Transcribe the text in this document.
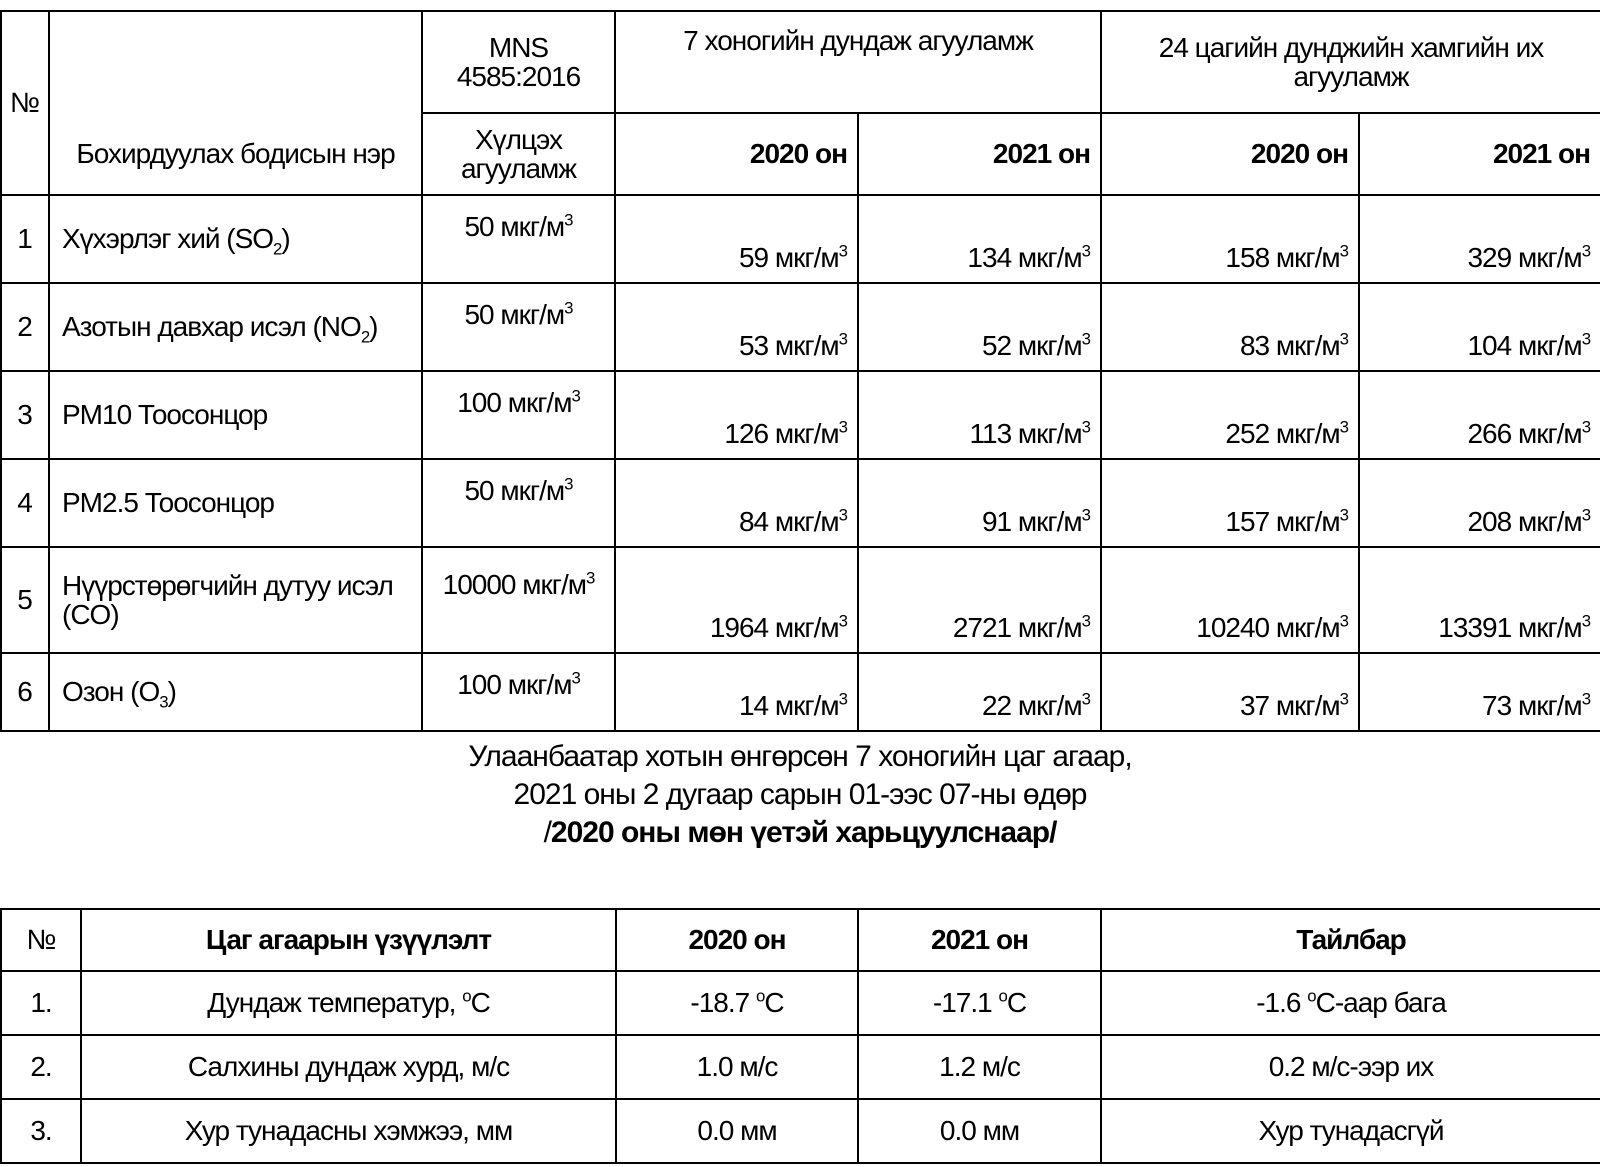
№	Бохирдуулах бодисын нэр	MNS 4585:2016	7 хоногийн дундаж агууламж		24 цагийн дунджийн хамгийн их агууламж	
		Хүлцэх агууламж	2020 он	2021 он	2020 он	2021 он
1	Хүхэрлэг хий $(SO_2)$	50 мкг/$м^3$	59 мкг/$м^3$	134 мкг/$м^3$	158 мкг/$м^3$	329 мкг/$м^3$
2	Азотын давхар исэл $(NO_2)$	50 мкг/$м^3$	53 мкг/$м^3$	52 мкг/$м^3$	83 мкг/$м^3$	104 мкг/$м^3$
3	PM10 Тоосонцор	100 мкг/$м^3$	126 мкг/$м^3$	113 мкг/$м^3$	252 мкг/$м^3$	266 мкг/$м^3$
4	PM2.5 Тоосонцор	50 мкг/$м^3$	84 мкг/$м^3$	91 мкг/$м^3$	157 мкг/$м^3$	208 мкг/$м^3$
5	Нүүрстөрөгчийн дутуу исэл (CO)	10000 мкг/$м^3$	1964 мкг/$м^3$	2721 мкг/$м^3$	10240 мкг/$м^3$	13391 мкг/$м^3$
6	Озон $(O_3)$	100 мкг/$м^3$	14 мкг/$м^3$	22 мкг/$м^3$	37 мкг/$м^3$	73 мкг/$м^3$
Улаанбаатар хотын өнгөрсөн 7 хоногийн цаг агаар,
2021 оны 2 дугаар сарын 01-ээс 07-ны өдөр
/2020 оны мөн үетэй харьцуулснаар/
№	Цаг агаарын үзүүлэлт	2020 он	2021 он	Тайлбар
1.	Дундаж температур, $^o$C	-18.7 $^o$C	-17.1 $^o$C	-1.6 $^o$C-аар бага
2.	Салхины дундаж хурд, м/с	1.0 м/с	1.2 м/с	0.2 м/с-ээр их
3.	Хур тунадасны хэмжээ, мм	0.0 мм	0.0 мм	Хур тунадасгүй
